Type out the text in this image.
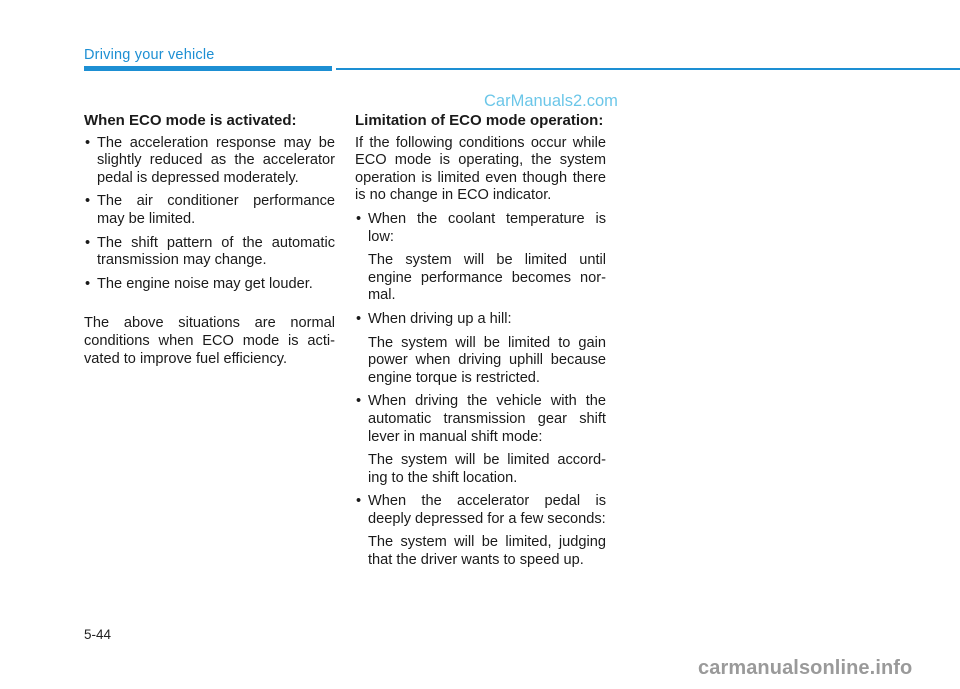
Driving your vehicle
CarManuals2.com
When ECO mode is activated:
• The acceleration response may be slightly reduced as the accelerator pedal is depressed moderately.
• The air conditioner performance may be limited.
• The shift pattern of the automatic transmission may change.
• The engine noise may get louder.

The above situations are normal conditions when ECO mode is acti-vated to improve fuel efficiency.

Limitation of ECO mode operation:

If the following conditions occur while ECO mode is operating, the system operation is limited even though there is no change in ECO indicator.

• When the coolant temperature is low:
The system will be limited until engine performance becomes nor-mal.
• When driving up a hill:
The system will be limited to gain power when driving uphill because engine torque is restricted.
• When driving the vehicle with the automatic transmission gear shift lever in manual shift mode:
The system will be limited accord-ing to the shift location.
• When the accelerator pedal is deeply depressed for a few seconds:
The system will be limited, judging that the driver wants to speed up.
5-44
carmanualsonline.info
